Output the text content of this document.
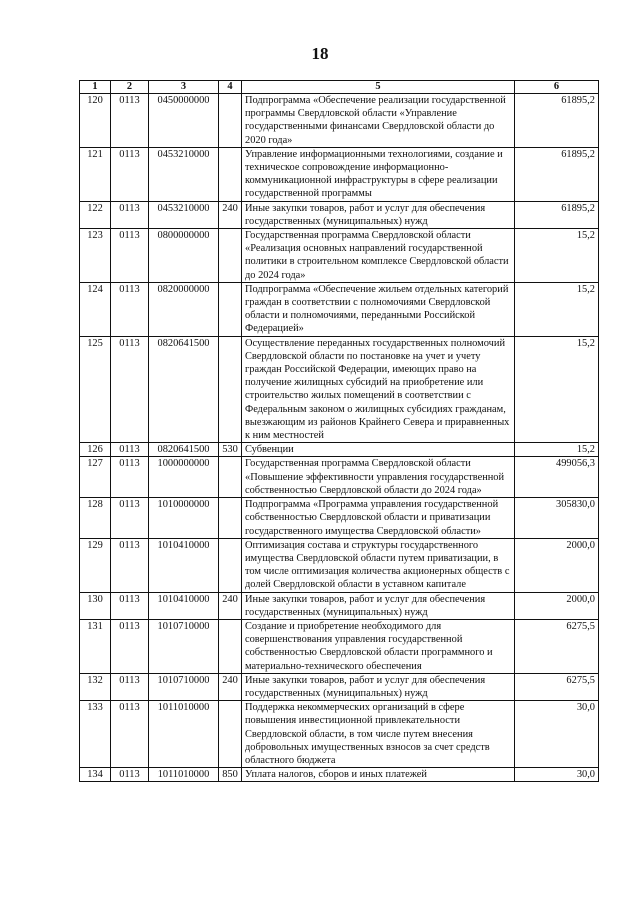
18
1	2	3	4	5	6
120	0113	0450000000		Подпрограмма «Обеспечение реализации государственной программы Свердловской области «Управление государственными финансами Свердловской области до 2020 года»	61895,2
121	0113	0453210000		Управление информационными технологиями, создание и техническое сопровождение информационно-коммуникационной инфраструктуры в сфере реализации государственной программы	61895,2
122	0113	0453210000	240	Иные закупки товаров, работ и услуг для обеспечения государственных (муниципальных) нужд	61895,2
123	0113	0800000000		Государственная программа Свердловской области «Реализация основных направлений государственной политики в строительном комплексе Свердловской области до 2024 года»	15,2
124	0113	0820000000		Подпрограмма «Обеспечение жильем отдельных категорий граждан в соответствии с полномочиями Свердловской области и полномочиями, переданными Российской Федерацией»	15,2
125	0113	0820641500		Осуществление переданных государственных полномочий Свердловской области по постановке на учет и учету граждан Российской Федерации, имеющих право на получение жилищных субсидий на приобретение или строительство жилых помещений в соответствии с Федеральным законом о жилищных субсидиях гражданам, выезжающим из районов Крайнего Севера и приравненных к ним местностей	15,2
126	0113	0820641500	530	Субвенции	15,2
127	0113	1000000000		Государственная программа Свердловской области «Повышение эффективности управления государственной собственностью Свердловской области до 2024 года»	499056,3
128	0113	1010000000		Подпрограмма «Программа управления государственной собственностью Свердловской области и приватизации государственного имущества Свердловской области»	305830,0
129	0113	1010410000		Оптимизация состава и структуры государственного имущества Свердловской области путем приватизации, в том числе оптимизация количества акционерных обществ с долей Свердловской области в уставном капитале	2000,0
130	0113	1010410000	240	Иные закупки товаров, работ и услуг для обеспечения государственных (муниципальных) нужд	2000,0
131	0113	1010710000		Создание и приобретение необходимого для совершенствования управления государственной собственностью Свердловской области программного и материально-технического обеспечения	6275,5
132	0113	1010710000	240	Иные закупки товаров, работ и услуг для обеспечения государственных (муниципальных) нужд	6275,5
133	0113	1011010000		Поддержка некоммерческих организаций в сфере повышения инвестиционной привлекательности Свердловской области, в том числе путем внесения добровольных имущественных взносов за счет средств областного бюджета	30,0
134	0113	1011010000	850	Уплата налогов, сборов и иных платежей	30,0
